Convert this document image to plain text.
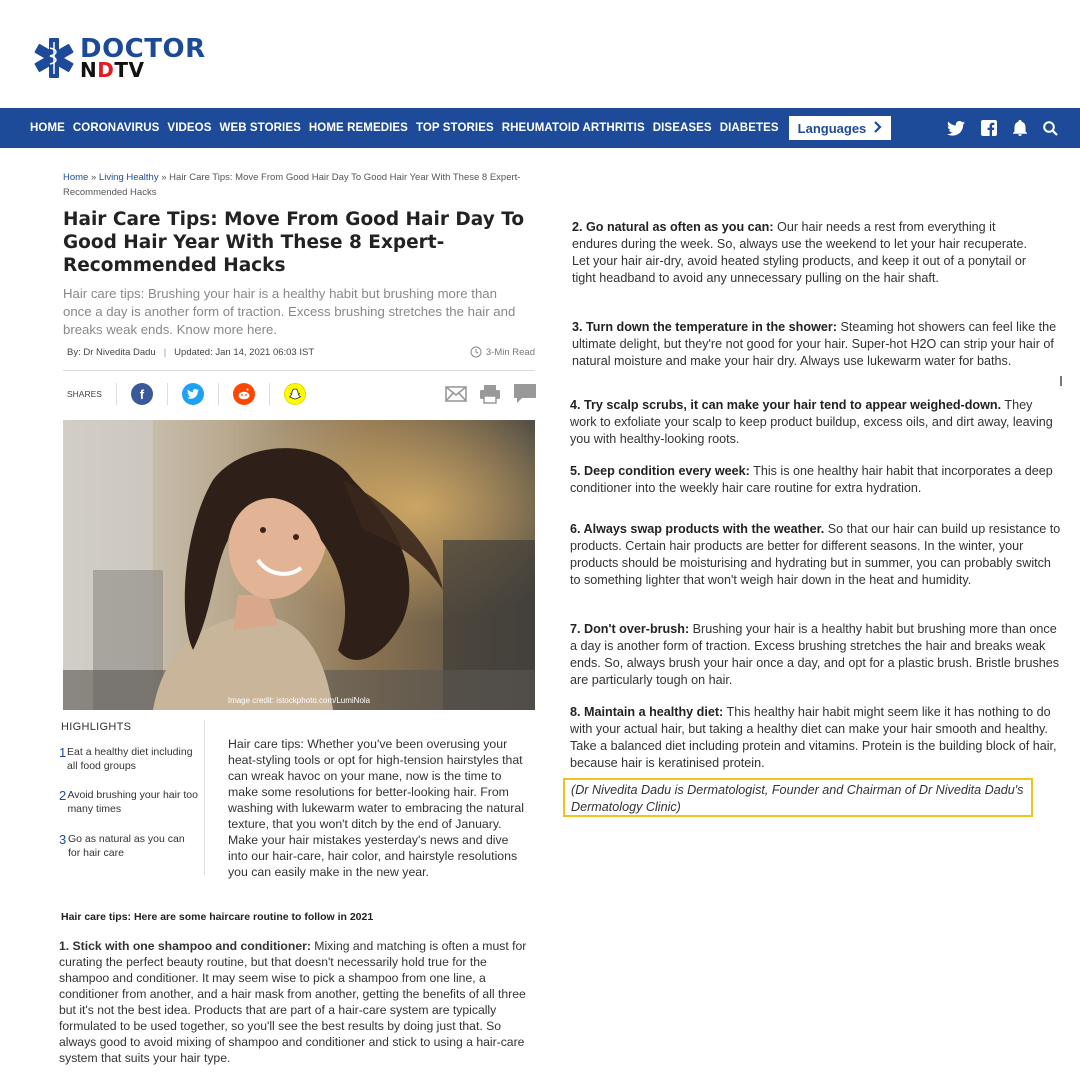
DOCTOR
NDTV
HOME CORONAVIRUS VIDEOS WEB STORIES HOME REMEDIES TOP STORIES RHEUMATOID ARTHRITIS DISEASES DIABETES Languages
Home » Living Healthy » Hair Care Tips: Move From Good Hair Day To Good Hair Year With These 8 Expert-Recommended Hacks
Hair Care Tips: Move From Good Hair Day To Good Hair Year With These 8 Expert-Recommended Hacks

Hair care tips: Brushing your hair is a healthy habit but brushing more than once a day is another form of traction. Excess brushing stretches the hair and breaks weak ends. Know more here.

By: Dr Nivedita Dadu | Updated: Jan 14, 2021 06:03 IST	3-Min Read
SHARES	f
Image credit: istockphoto.com/LumiNola
HIGHLIGHTS
1 Eat a healthy diet including all food groups
2 Avoid brushing your hair too many times
3 Go as natural as you can for hair care

Hair care tips: Whether you've been overusing your heat-styling tools or opt for high-tension hairstyles that can wreak havoc on your mane, now is the time to make some resolutions for better-looking hair. From washing with lukewarm water to embracing the natural texture, that you won't ditch by the end of January. Make your hair mistakes yesterday's news and dive into our hair-care, hair color, and hairstyle resolutions you can easily make in the new year.

Hair care tips: Here are some haircare routine to follow in 2021

1. Stick with one shampoo and conditioner: Mixing and matching is often a must for curating the perfect beauty routine, but that doesn't necessarily hold true for the shampoo and conditioner. It may seem wise to pick a shampoo from one line, a conditioner from another, and a hair mask from another, getting the benefits of all three but it's not the best idea. Products that are part of a hair-care system are typically formulated to be used together, so you'll see the best results by doing just that. So always good to avoid mixing of shampoo and conditioner and stick to using a hair-care system that suits your hair type.

2. Go natural as often as you can: Our hair needs a rest from everything it endures during the week. So, always use the weekend to let your hair recuperate. Let your hair air-dry, avoid heated styling products, and keep it out of a ponytail or tight headband to avoid any unnecessary pulling on the hair shaft.

3. Turn down the temperature in the shower: Steaming hot showers can feel like the ultimate delight, but they're not good for your hair. Super-hot H2O can strip your hair of natural moisture and make your hair dry. Always use lukewarm water for baths.

4. Try scalp scrubs, it can make your hair tend to appear weighed-down. They work to exfoliate your scalp to keep product buildup, excess oils, and dirt away, leaving you with healthy-looking roots.

5. Deep condition every week: This is one healthy hair habit that incorporates a deep conditioner into the weekly hair care routine for extra hydration.

6. Always swap products with the weather. So that our hair can build up resistance to products. Certain hair products are better for different seasons. In the winter, your products should be moisturising and hydrating but in summer, you can probably switch to something lighter that won't weigh hair down in the heat and humidity.

7. Don't over-brush: Brushing your hair is a healthy habit but brushing more than once a day is another form of traction. Excess brushing stretches the hair and breaks weak ends. So, always brush your hair once a day, and opt for a plastic brush. Bristle brushes are particularly tough on hair.

8. Maintain a healthy diet: This healthy hair habit might seem like it has nothing to do with your actual hair, but taking a healthy diet can make your hair smooth and healthy. Take a balanced diet including protein and vitamins. Protein is the building block of hair, because hair is keratinised protein.

(Dr Nivedita Dadu is Dermatologist, Founder and Chairman of Dr Nivedita Dadu's Dermatology Clinic)
